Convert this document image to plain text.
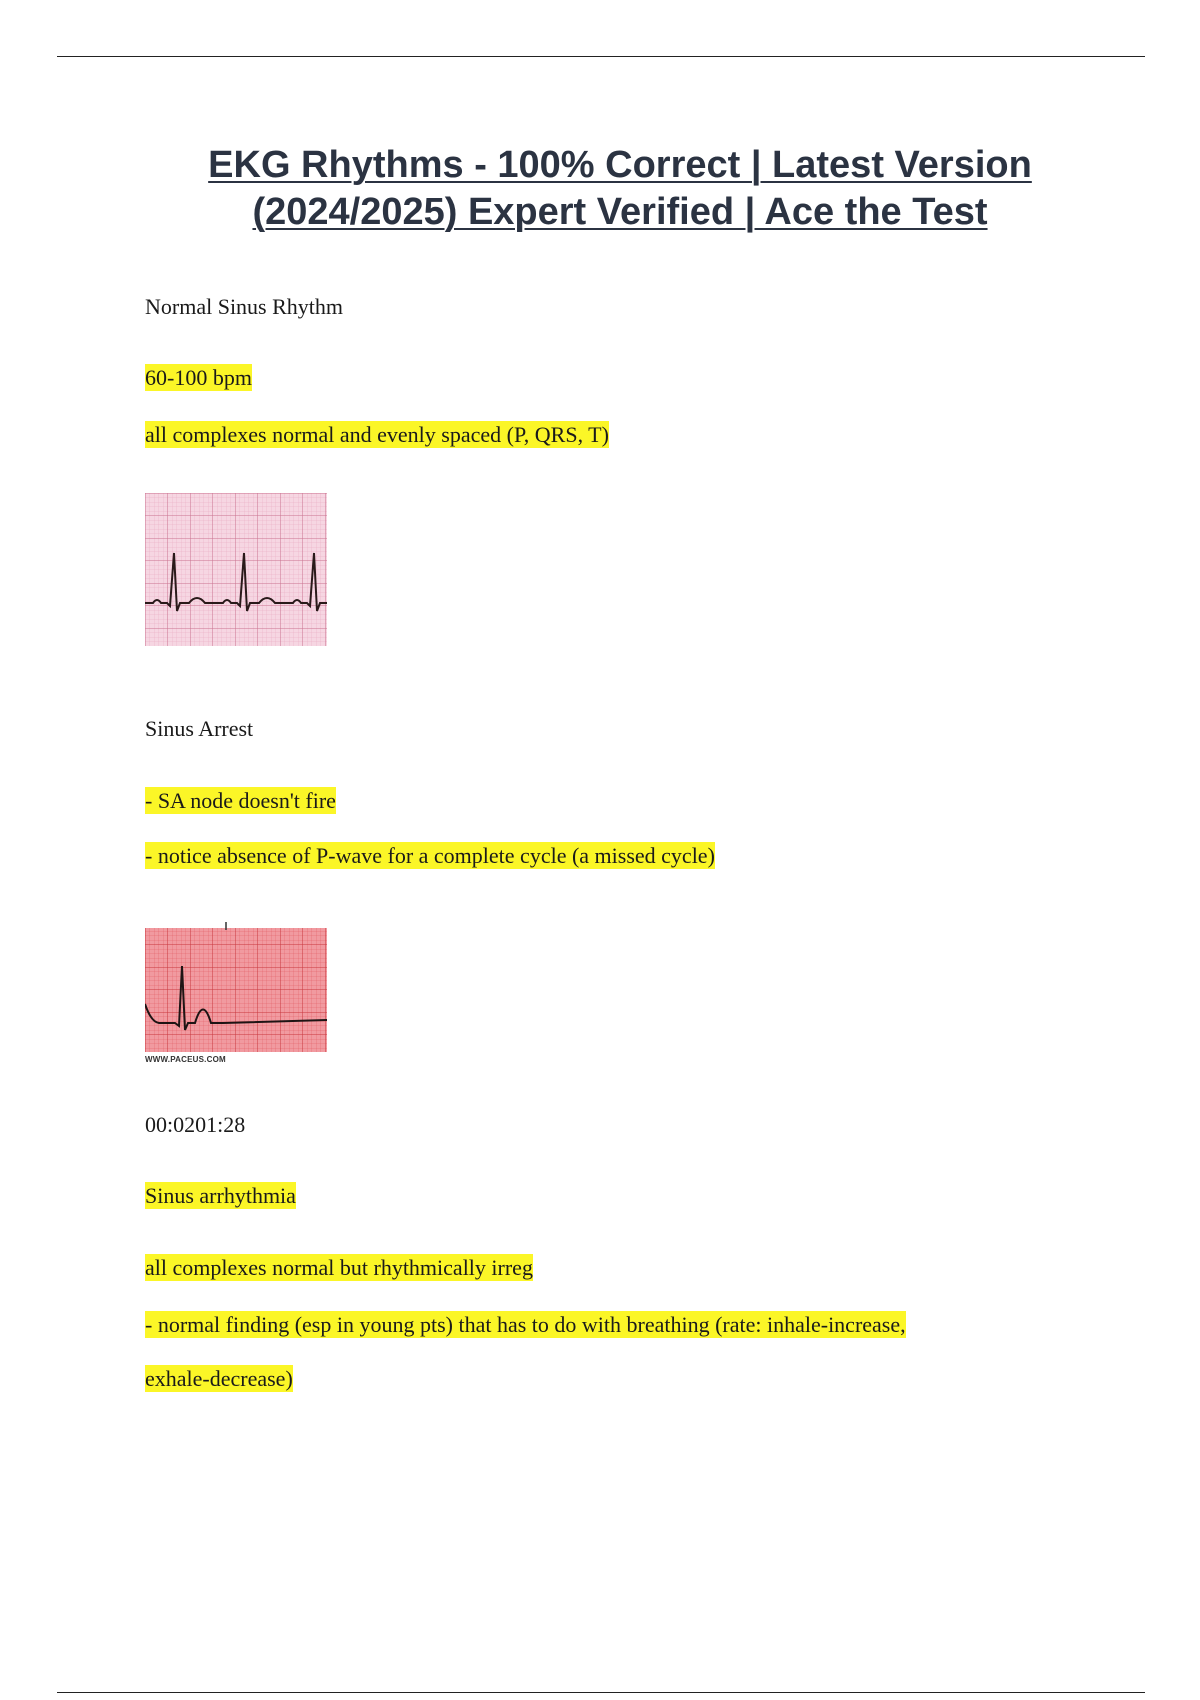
EKG Rhythms - 100% Correct | Latest Version
(2024/2025) Expert Verified | Ace the Test
Normal Sinus Rhythm
60-100 bpm
all complexes normal and evenly spaced (P, QRS, T)
Sinus Arrest
- SA node doesn't fire
- notice absence of P-wave for a complete cycle (a missed cycle)
WWW.PACEUS.COM
00:0201:28
Sinus arrhythmia
all complexes normal but rhythmically irreg
- normal finding (esp in young pts) that has to do with breathing (rate: inhale-increase,
exhale-decrease)
